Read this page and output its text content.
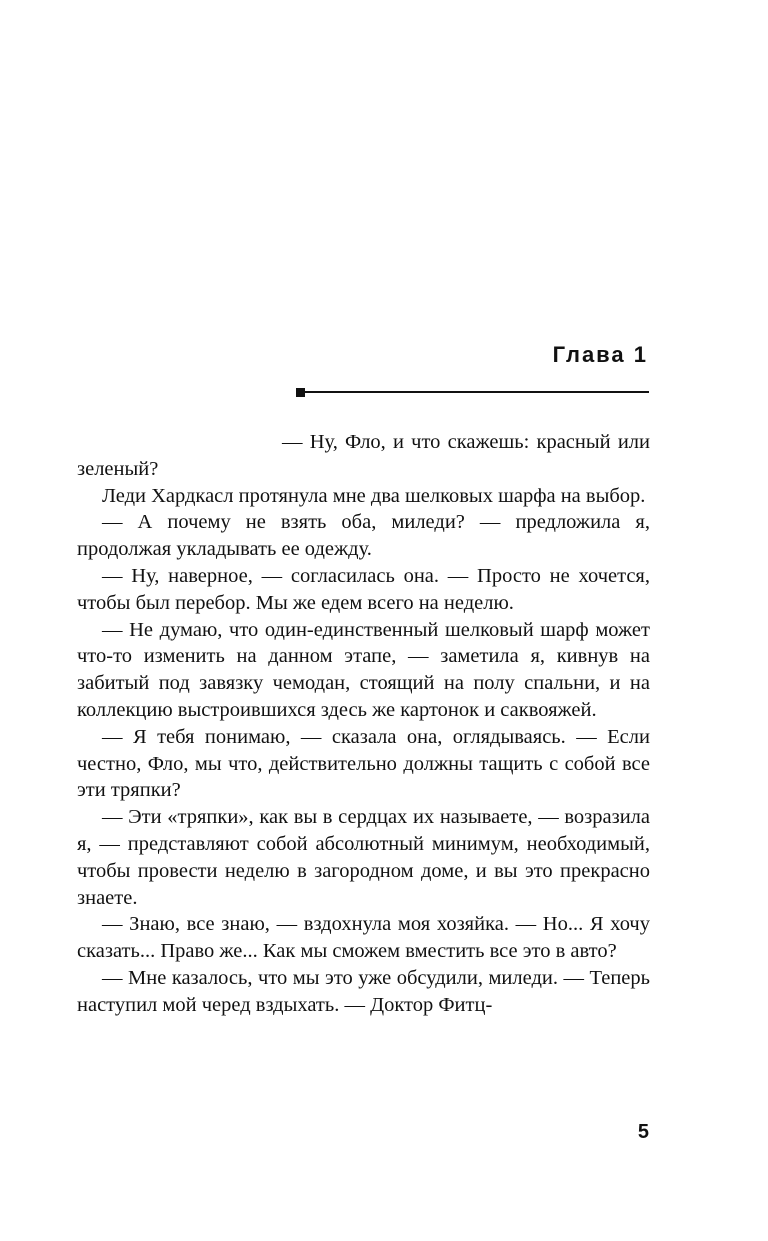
Глава 1

— Ну, Фло, и что скажешь: красный или зеленый?

Леди Хардкасл протянула мне два шелковых шарфа на выбор.

— А почему не взять оба, миледи? — предложила я, продолжая укладывать ее одежду.

— Ну, наверное, — согласилась она. — Просто не хочется, чтобы был перебор. Мы же едем всего на неделю.

— Не думаю, что один-единственный шелковый шарф может что-то изменить на данном этапе, — заметила я, кивнув на забитый под завязку чемодан, стоящий на полу спальни, и на коллекцию выстроившихся здесь же картонок и саквояжей.

— Я тебя понимаю, — сказала она, оглядываясь. — Если честно, Фло, мы что, действительно должны тащить с собой все эти тряпки?

— Эти «тряпки», как вы в сердцах их называете, — возразила я, — представляют собой абсолютный минимум, необходимый, чтобы провести неделю в загородном доме, и вы это прекрасно знаете.

— Знаю, все знаю, — вздохнула моя хозяйка. — Но... Я хочу сказать... Право же... Как мы сможем вместить все это в авто?

— Мне казалось, что мы это уже обсудили, миледи. — Теперь наступил мой черед вздыхать. — Доктор Фитц-

5
